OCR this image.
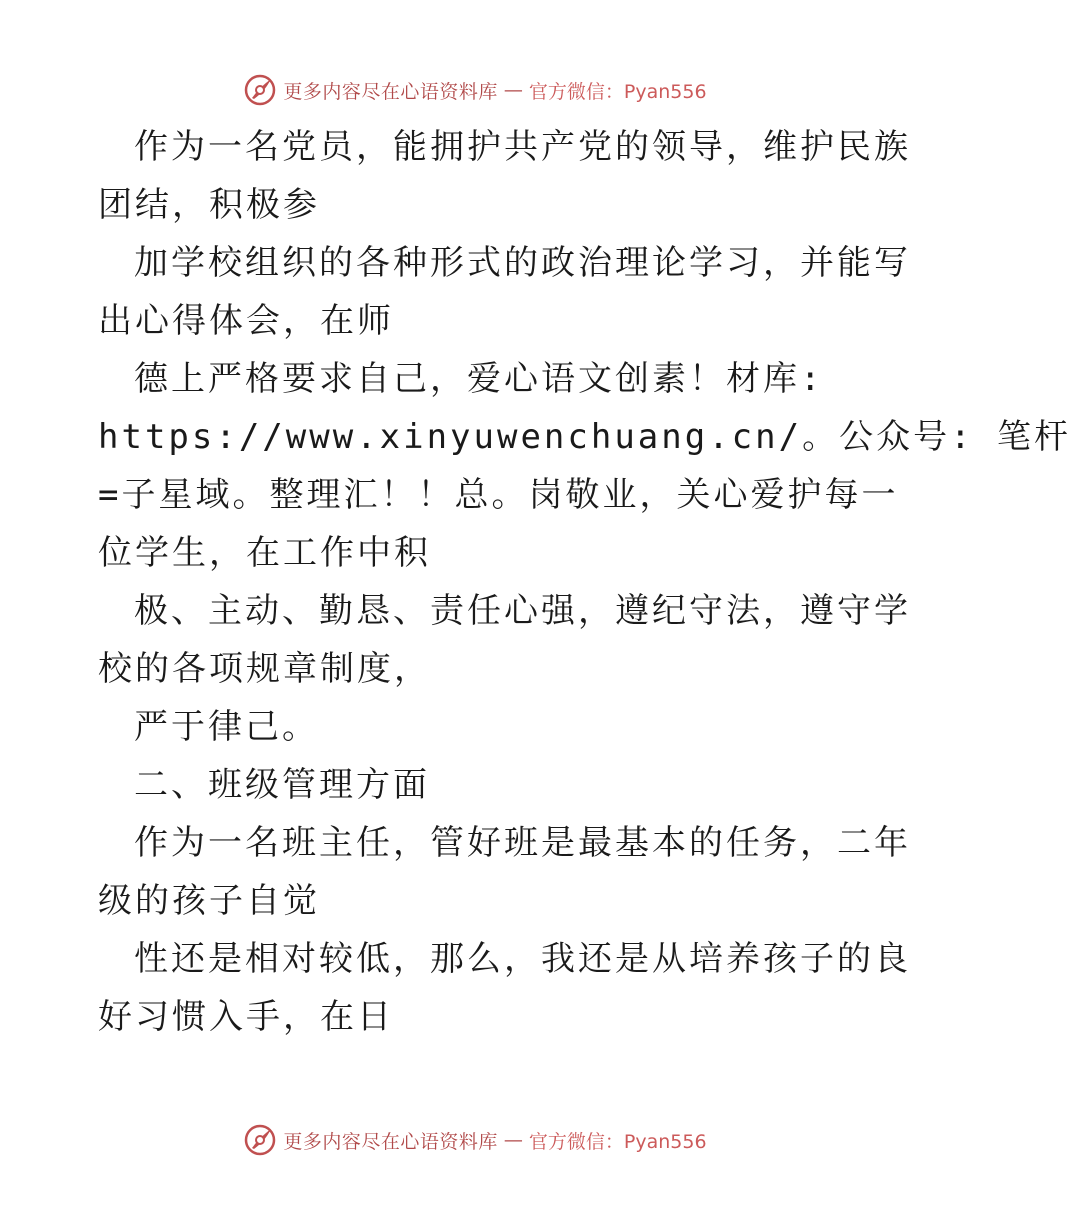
更多内容尽在心语资料库 — 官方微信：Pyan556
作为一名党员，能拥护共产党的领导，维护民族
团结，积极参
加学校组织的各种形式的政治理论学习，并能写
出心得体会，在师
德上严格要求自己，爱心语文创素！材库:
https://www.xinyuwenchuang.cn/。公众号: 笔杆
=子星域。整理汇！！总。岗敬业，关心爱护每一
位学生，在工作中积
极、主动、勤恳、责任心强，遵纪守法，遵守学
校的各项规章制度，
严于律己。
二、班级管理方面
作为一名班主任，管好班是最基本的任务，二年
级的孩子自觉
性还是相对较低，那么，我还是从培养孩子的良
好习惯入手，在日
更多内容尽在心语资料库 — 官方微信：Pyan556
